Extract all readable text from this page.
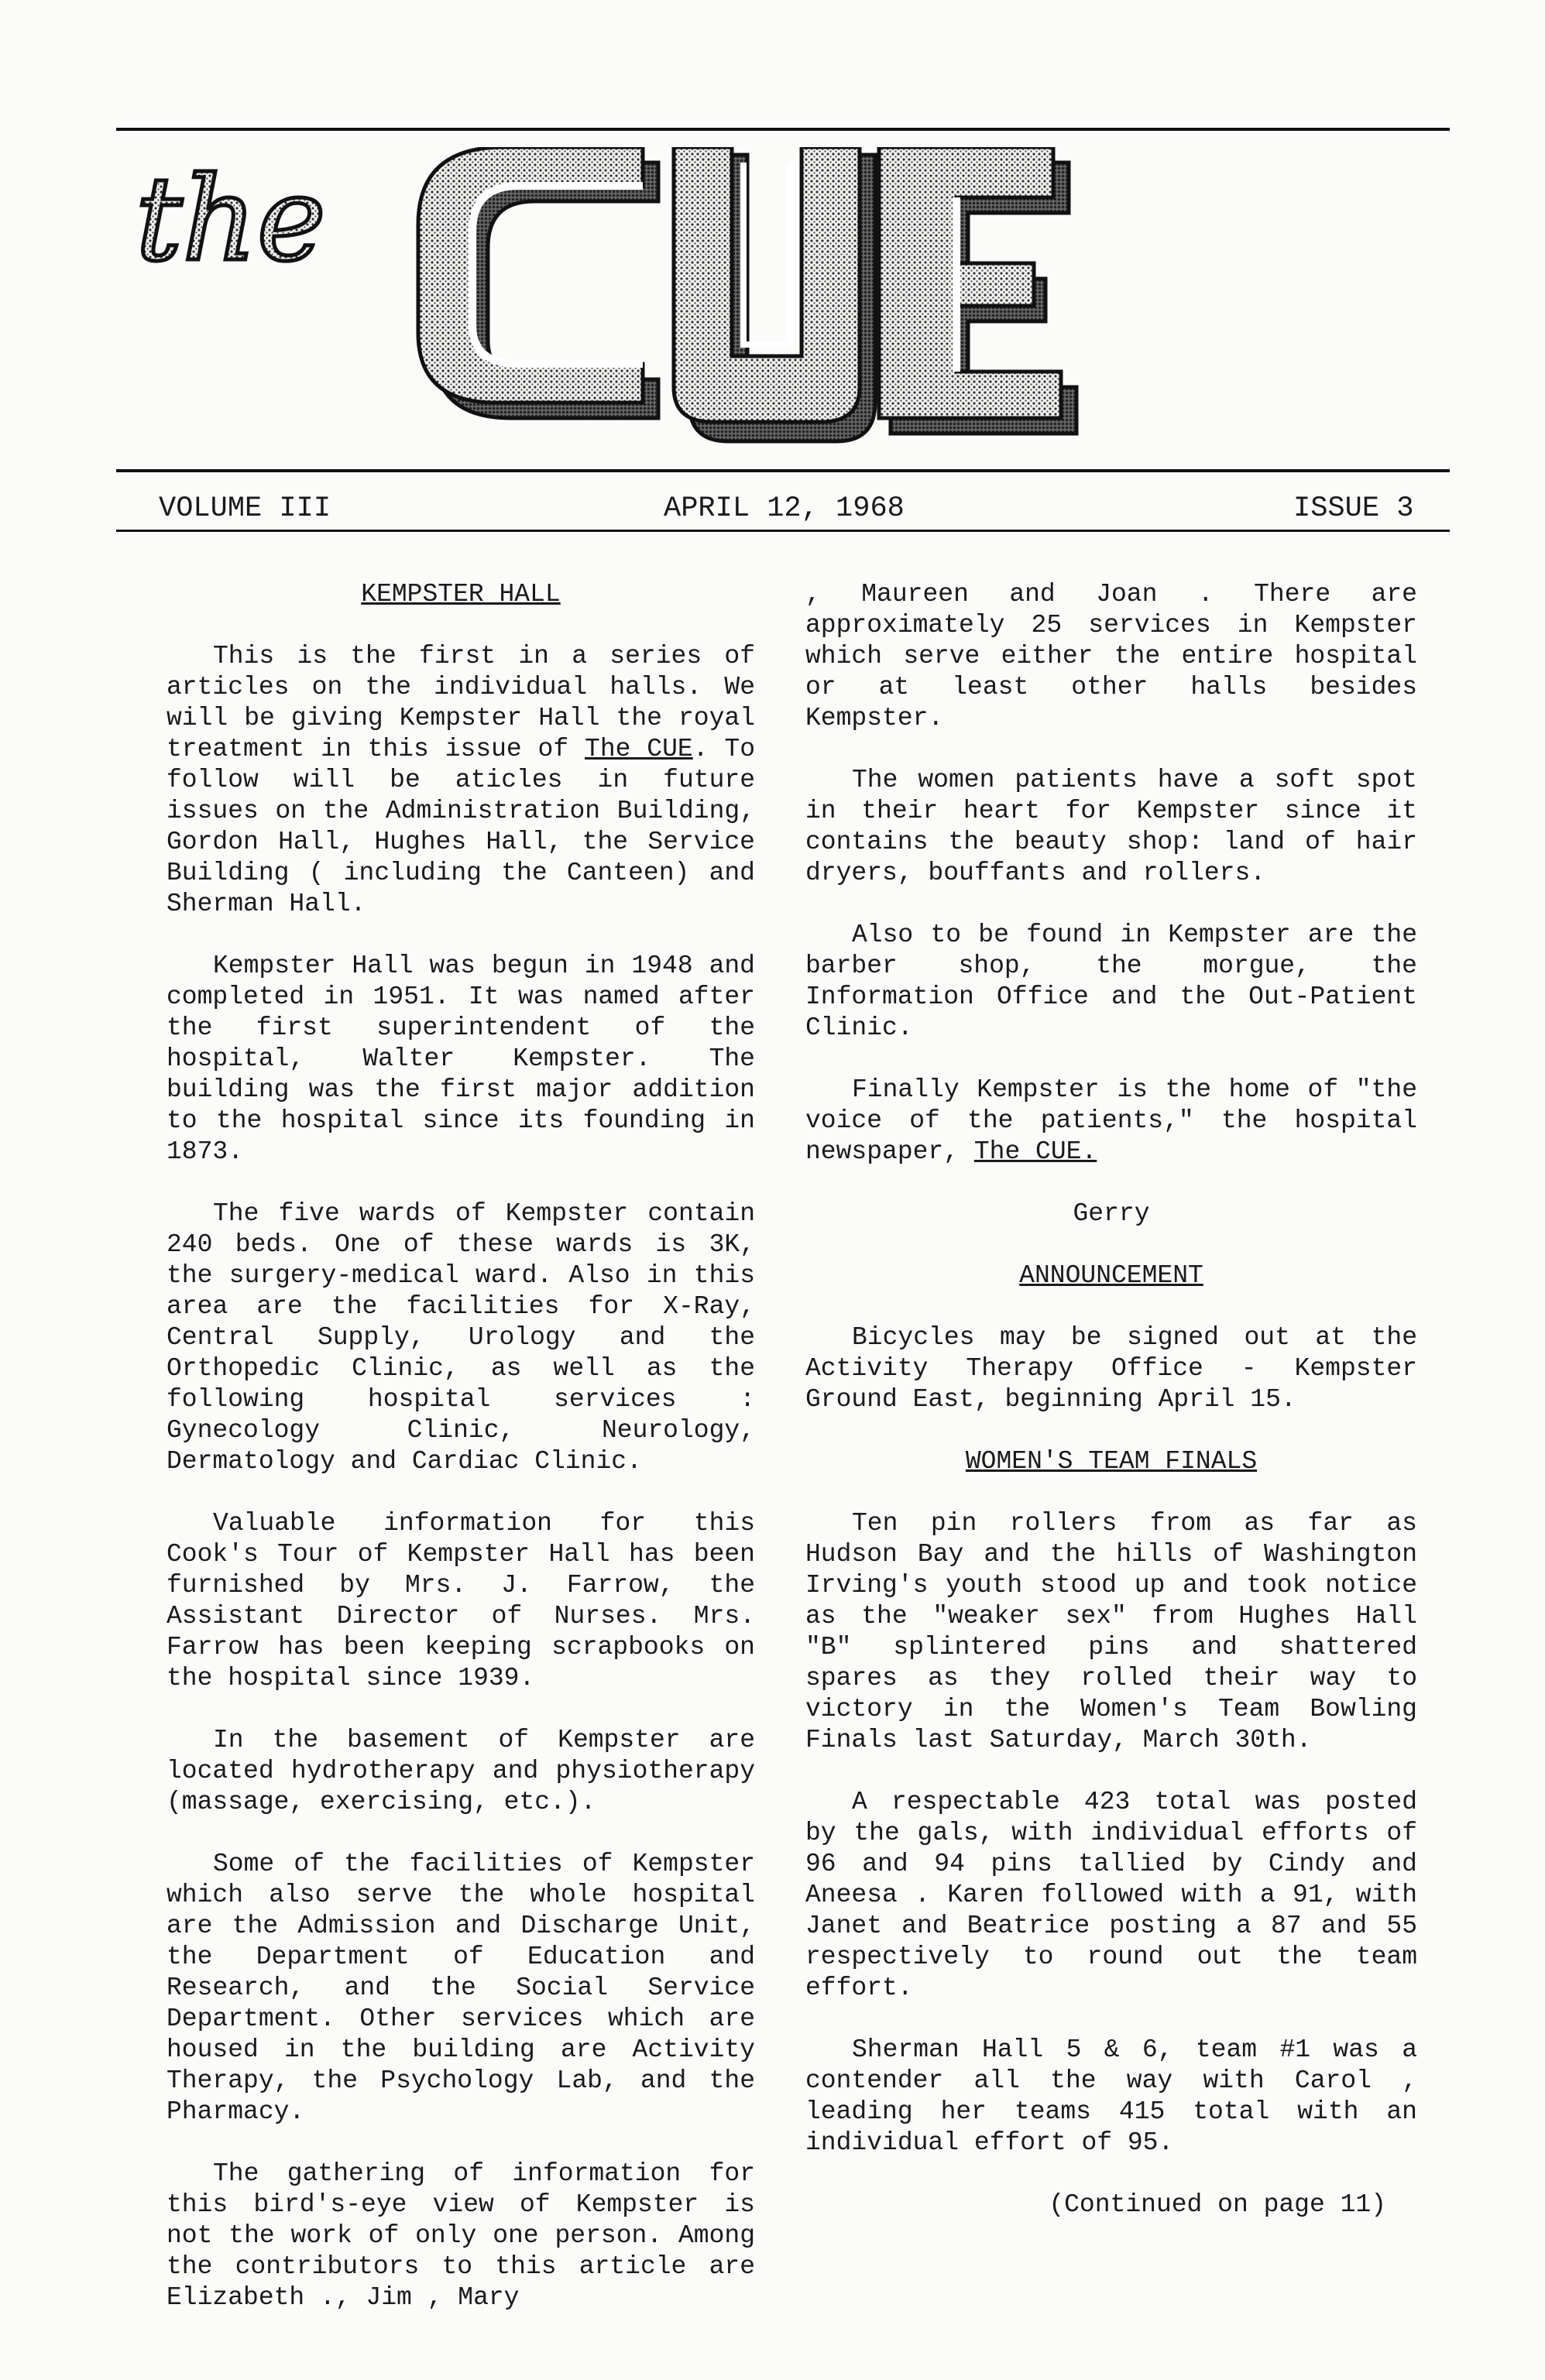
the
VOLUME III	APRIL 12, 1968	ISSUE 3
KEMPSTER HALL

This is the first in a series of articles on the individual halls. We will be giving Kempster Hall the royal treatment in this issue of The CUE. To follow will be aticles in future issues on the Administration Building, Gordon Hall, Hughes Hall, the Service Building ( including the Canteen) and Sherman Hall.

Kempster Hall was begun in 1948 and completed in 1951. It was named after the first superintendent of the hospital, Walter Kempster. The building was the first major addition to the hospital since its founding in 1873.

The five wards of Kempster contain 240 beds. One of these wards is 3K, the surgery-medical ward. Also in this area are the facilities for X-Ray, Central Supply, Urology and the Orthopedic Clinic, as well as the following hospital services : Gynecology Clinic, Neurology, Dermatology and Cardiac Clinic.

Valuable information for this Cook's Tour of Kempster Hall has been furnished by Mrs. J. Farrow, the Assistant Director of Nurses. Mrs. Farrow has been keeping scrapbooks on the hospital since 1939.

In the basement of Kempster are located hydrotherapy and physiotherapy (massage, exercising, etc.).

Some of the facilities of Kempster which also serve the whole hospital are the Admission and Discharge Unit, the Department of Education and Research, and the Social Service Department. Other services which are housed in the building are Activity Therapy, the Psychology Lab, and the Pharmacy.

The gathering of information for this bird's-eye view of Kempster is not the work of only one person. Among the contributors to this article are Elizabeth ., Jim , Mary

, Maureen and Joan . There are approximately 25 services in Kempster which serve either the entire hospital or at least other halls besides Kempster.

The women patients have a soft spot in their heart for Kempster since it contains the beauty shop: land of hair dryers, bouffants and rollers.

Also to be found in Kempster are the barber shop, the morgue, the Information Office and the Out-Patient Clinic.

Finally Kempster is the home of "the voice of the patients," the hospital newspaper, The CUE.

Gerry
ANNOUNCEMENT

Bicycles may be signed out at the Activity Therapy Office - Kempster Ground East, beginning April 15.

WOMEN'S TEAM FINALS

Ten pin rollers from as far as Hudson Bay and the hills of Washington Irving's youth stood up and took notice as the "weaker sex" from Hughes Hall "B" splintered pins and shattered spares as they rolled their way to victory in the Women's Team Bowling Finals last Saturday, March 30th.

A respectable 423 total was posted by the gals, with individual efforts of 96 and 94 pins tallied by Cindy and Aneesa . Karen followed with a 91, with Janet and Beatrice posting a 87 and 55 respectively to round out the team effort.

Sherman Hall 5 & 6, team #1 was a contender all the way with Carol , leading her teams 415 total with an individual effort of 95.

(Continued on page 11)
